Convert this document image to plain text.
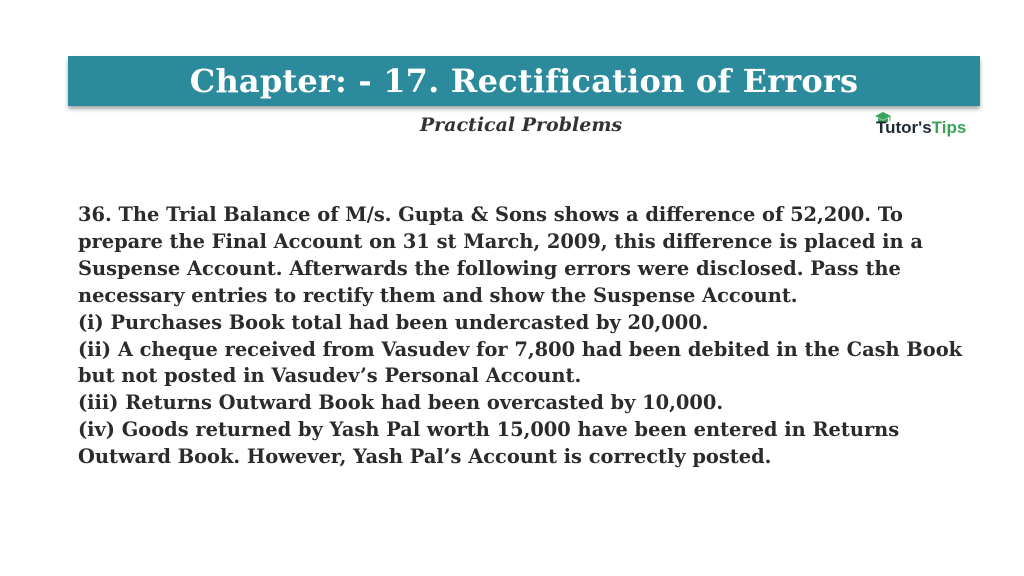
Chapter: - 17. Rectification of Errors
Practical Problems	Tutor'sTips

36. The Trial Balance of M/s. Gupta & Sons shows a difference of 52,200. To

prepare the Final Account on 31 st March, 2009, this difference is placed in a

Suspense Account. Afterwards the following errors were disclosed. Pass the

necessary entries to rectify them and show the Suspense Account.

(i) Purchases Book total had been undercasted by 20,000.

(ii) A cheque received from Vasudev for 7,800 had been debited in the Cash Book

but not posted in Vasudev’s Personal Account.

(iii) Returns Outward Book had been overcasted by 10,000.

(iv) Goods returned by Yash Pal worth 15,000 have been entered in Returns

Outward Book. However, Yash Pal’s Account is correctly posted.
